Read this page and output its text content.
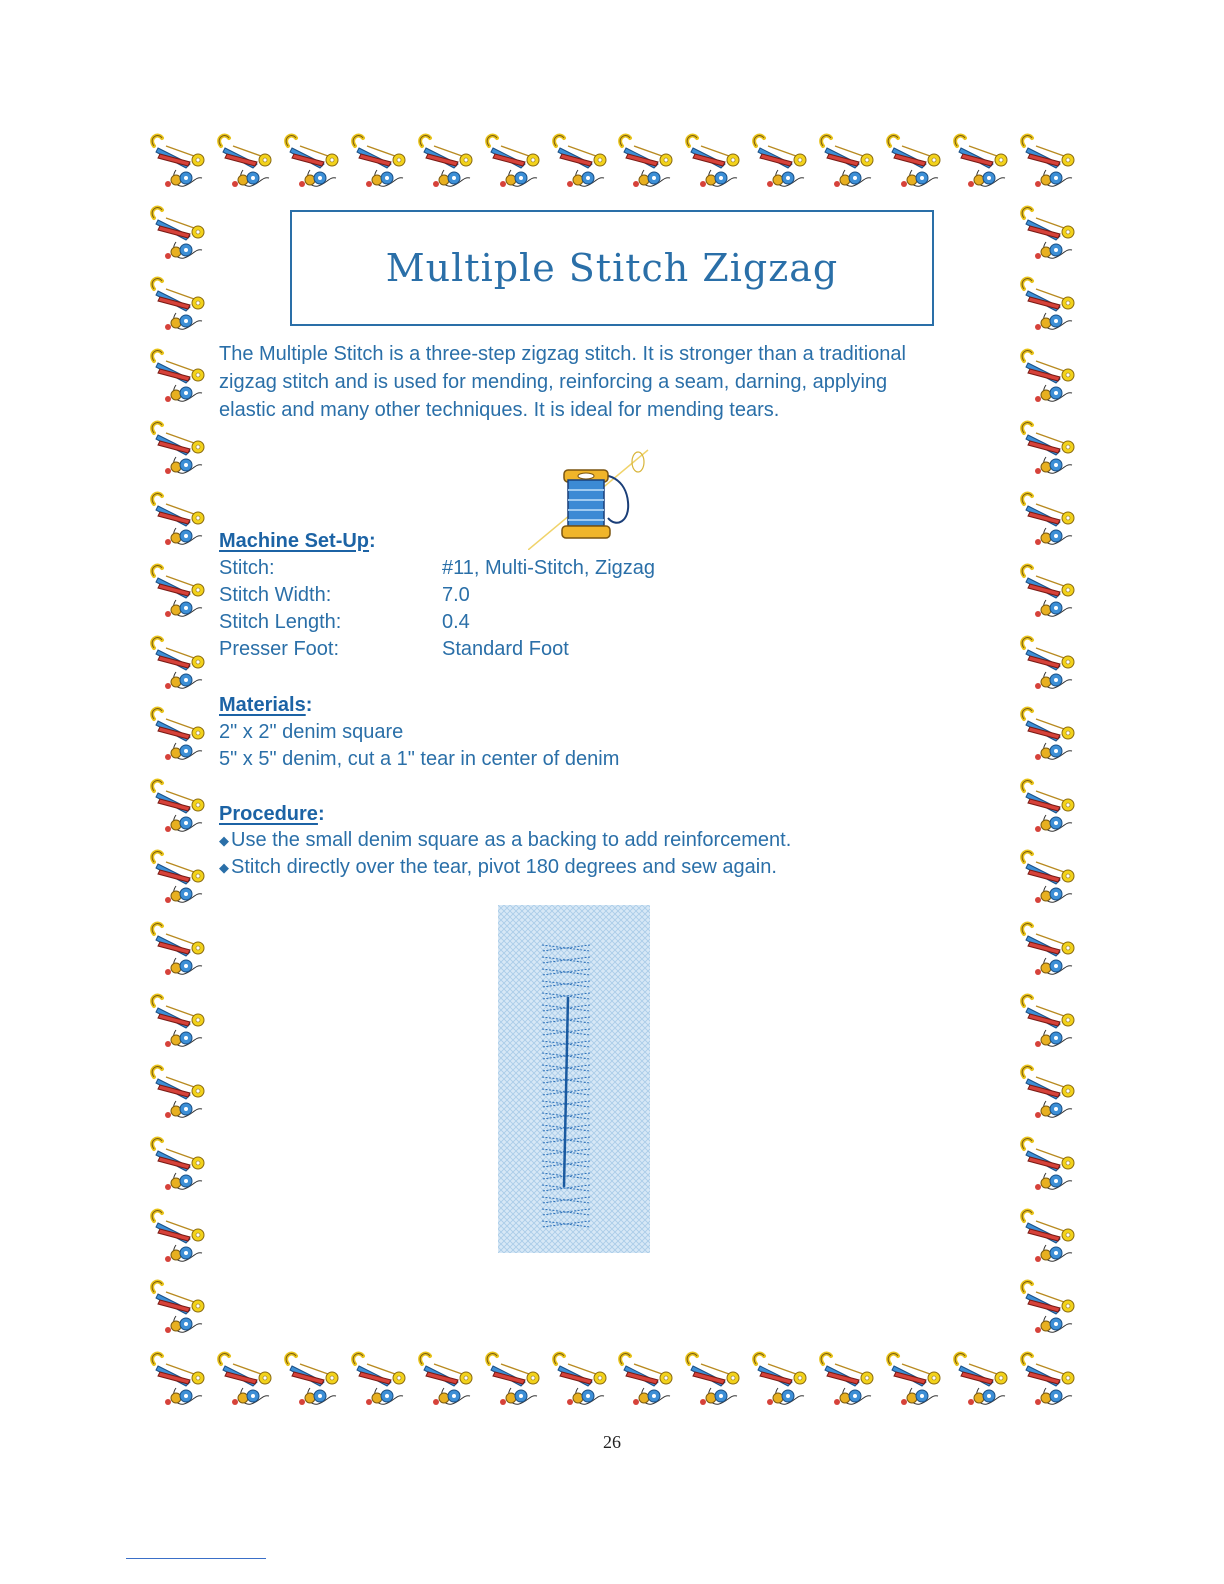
Multiple Stitch Zigzag
The Multiple Stitch is a three-step zigzag stitch. It is stronger than a traditional zigzag stitch and is used for mending, reinforcing a seam, darning, applying elastic and many other techniques. It is ideal for mending tears.
Machine Set-Up:
Stitch:	#11, Multi-Stitch, Zigzag
Stitch Width:	7.0
Stitch Length:	0.4
Presser Foot:	Standard Foot
Materials:
2" x 2" denim square
5" x 5" denim, cut a 1" tear in center of denim
Procedure:
◆ Use the small denim square as a backing to add reinforcement.
◆ Stitch directly over the tear, pivot 180 degrees and sew again.
26
